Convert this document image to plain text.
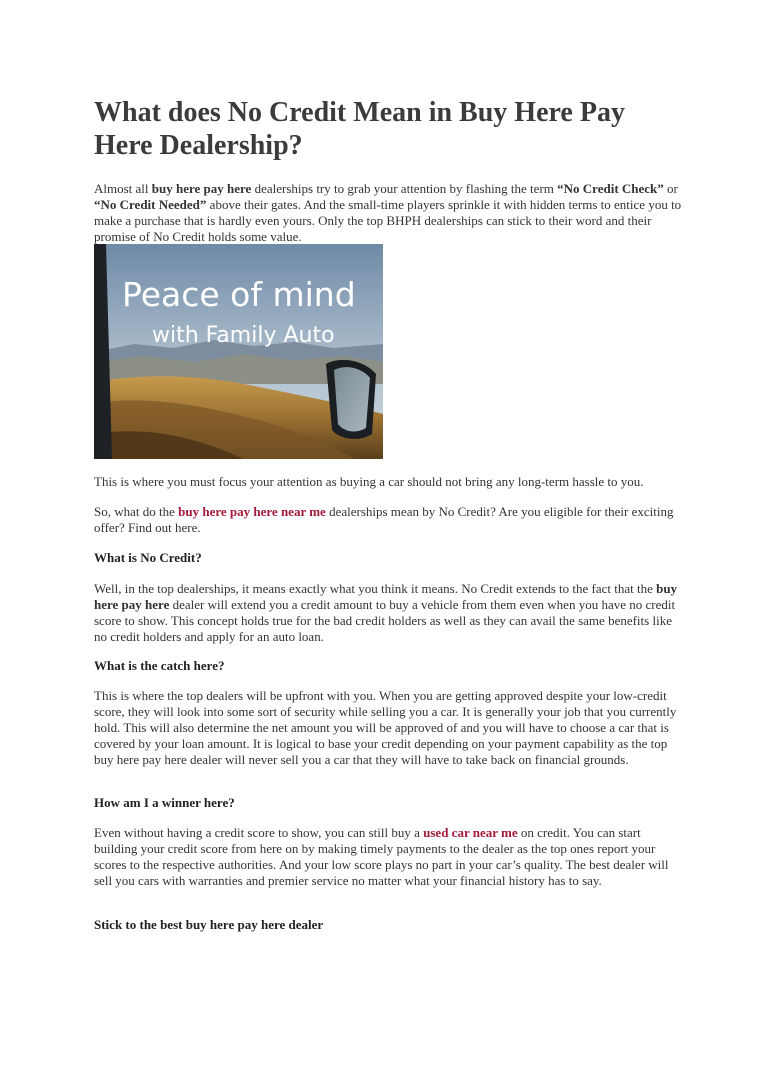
What does No Credit Mean in Buy Here Pay Here Dealership?

Almost all buy here pay here dealerships try to grab your attention by flashing the term “No Credit Check” or “No Credit Needed” above their gates. And the small-time players sprinkle it with hidden terms to entice you to make a purchase that is hardly even yours. Only the top BHPH dealerships can stick to their word and their promise of No Credit holds some value.

Peace of mind
with Family Auto

This is where you must focus your attention as buying a car should not bring any long-term hassle to you.

So, what do the buy here pay here near me dealerships mean by No Credit? Are you eligible for their exciting offer? Find out here.

What is No Credit?

Well, in the top dealerships, it means exactly what you think it means. No Credit extends to the fact that the buy here pay here dealer will extend you a credit amount to buy a vehicle from them even when you have no credit score to show. This concept holds true for the bad credit holders as well as they can avail the same benefits like no credit holders and apply for an auto loan.

What is the catch here?

This is where the top dealers will be upfront with you. When you are getting approved despite your low-credit score, they will look into some sort of security while selling you a car. It is generally your job that you currently hold. This will also determine the net amount you will be approved of and you will have to choose a car that is covered by your loan amount. It is logical to base your credit depending on your payment capability as the top buy here pay here dealer will never sell you a car that they will have to take back on financial grounds.

How am I a winner here?

Even without having a credit score to show, you can still buy a used car near me on credit. You can start building your credit score from here on by making timely payments to the dealer as the top ones report your scores to the respective authorities. And your low score plays no part in your car’s quality. The best dealer will sell you cars with warranties and premier service no matter what your financial history has to say.

Stick to the best buy here pay here dealer
